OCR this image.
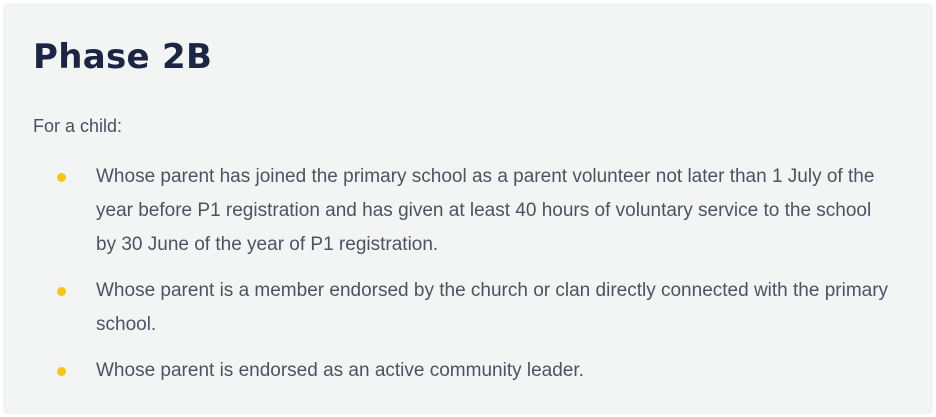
Phase 2B

For a child:

Whose parent has joined the primary school as a parent volunteer not later than 1 July of the year before P1 registration and has given at least 40 hours of voluntary service to the school by 30 June of the year of P1 registration.
Whose parent is a member endorsed by the church or clan directly connected with the primary school.
Whose parent is endorsed as an active community leader.
